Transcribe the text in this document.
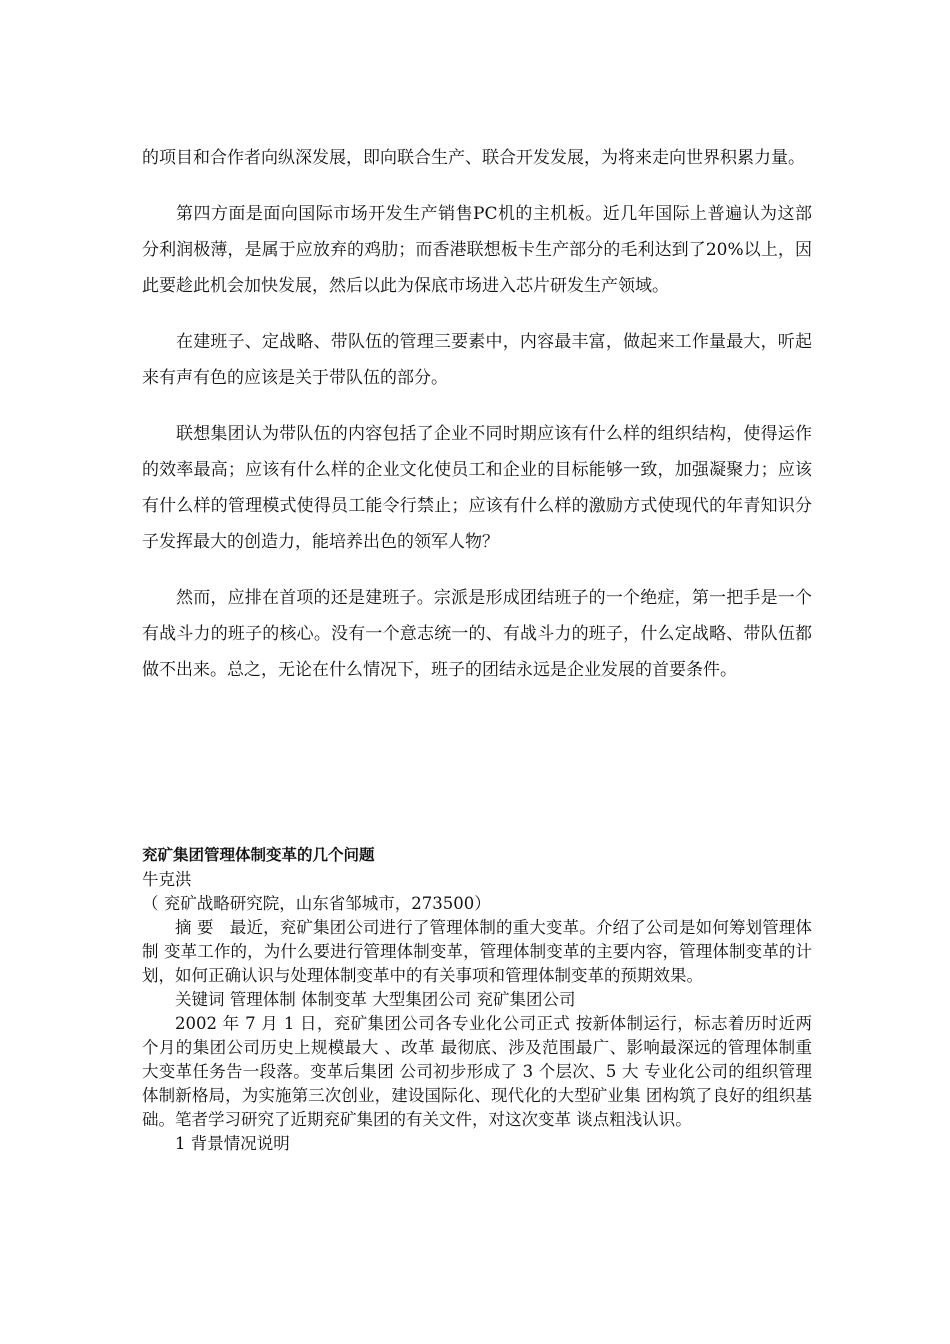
的项目和合作者向纵深发展，即向联合生产、联合开发发展，为将来走向世界积累力量。

第四方面是面向国际市场开发生产销售PC机的主机板。近几年国际上普遍认为这部分利润极薄，是属于应放弃的鸡肋；而香港联想板卡生产部分的毛利达到了20%以上，因此要趁此机会加快发展，然后以此为保底市场进入芯片研发生产领域。

在建班子、定战略、带队伍的管理三要素中，内容最丰富，做起来工作量最大，听起来有声有色的应该是关于带队伍的部分。

联想集团认为带队伍的内容包括了企业不同时期应该有什么样的组织结构，使得运作的效率最高；应该有什么样的企业文化使员工和企业的目标能够一致，加强凝聚力；应该有什么样的管理模式使得员工能令行禁止；应该有什么样的激励方式使现代的年青知识分子发挥最大的创造力，能培养出色的领军人物？

然而，应排在首项的还是建班子。宗派是形成团结班子的一个绝症，第一把手是一个有战斗力的班子的核心。没有一个意志统一的、有战斗力的班子，什么定战略、带队伍都做不出来。总之，无论在什么情况下，班子的团结永远是企业发展的首要条件。

兖矿集团管理体制变革的几个问题

牛克洪

（ 兖矿战略研究院，山东省邹城市，273500）

摘 要 最近，兖矿集团公司进行了管理体制的重大变革。介绍了公司是如何筹划管理体制 变革工作的，为什么要进行管理体制变革，管理体制变革的主要内容，管理体制变革的计 划，如何正确认识与处理体制变革中的有关事项和管理体制变革的预期效果。

关键词 管理体制 体制变革 大型集团公司 兖矿集团公司

2002 年 7 月 1 日，兖矿集团公司各专业化公司正式 按新体制运行，标志着历时近两个月的集团公司历史上规模最大 、改革 最彻底、涉及范围最广、影响最深远的管理体制重大变革任务告一段落。变革后集团 公司初步形成了 3 个层次、5 大 专业化公司的组织管理体制新格局，为实施第三次创业，建设国际化、现代化的大型矿业集 团构筑了良好的组织基础。笔者学习研究了近期兖矿集团的有关文件，对这次变革 谈点粗浅认识。

1 背景情况说明
